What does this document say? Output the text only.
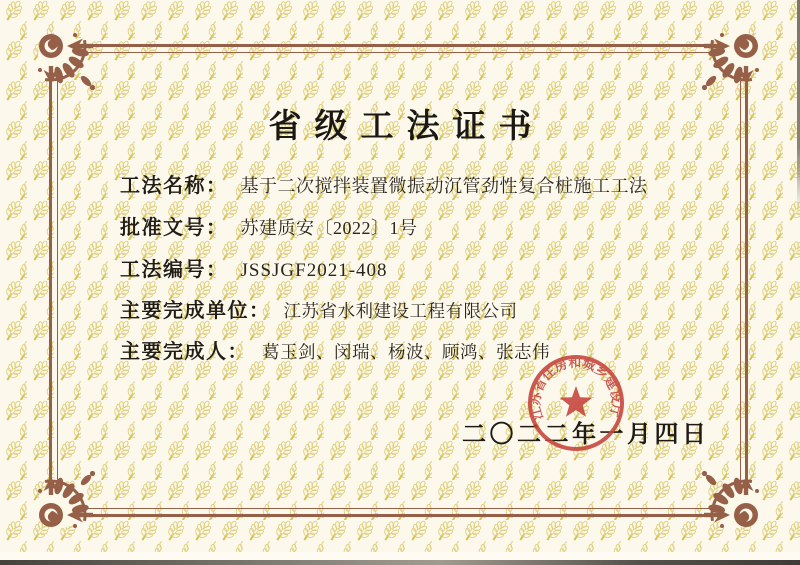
省级工法证书
工法名称： 基于二次搅拌装置微振动沉管劲性复合桩施工工法
批准文号： 苏建质安〔2022〕1号
工法编号： JSSJGF2021-408
主要完成单位： 江苏省水利建设工程有限公司
主要完成人： 葛玉剑、闵瑞、杨波、顾鸿、张志伟
二〇二二年一月四日
江苏省住房和城乡建设厅
